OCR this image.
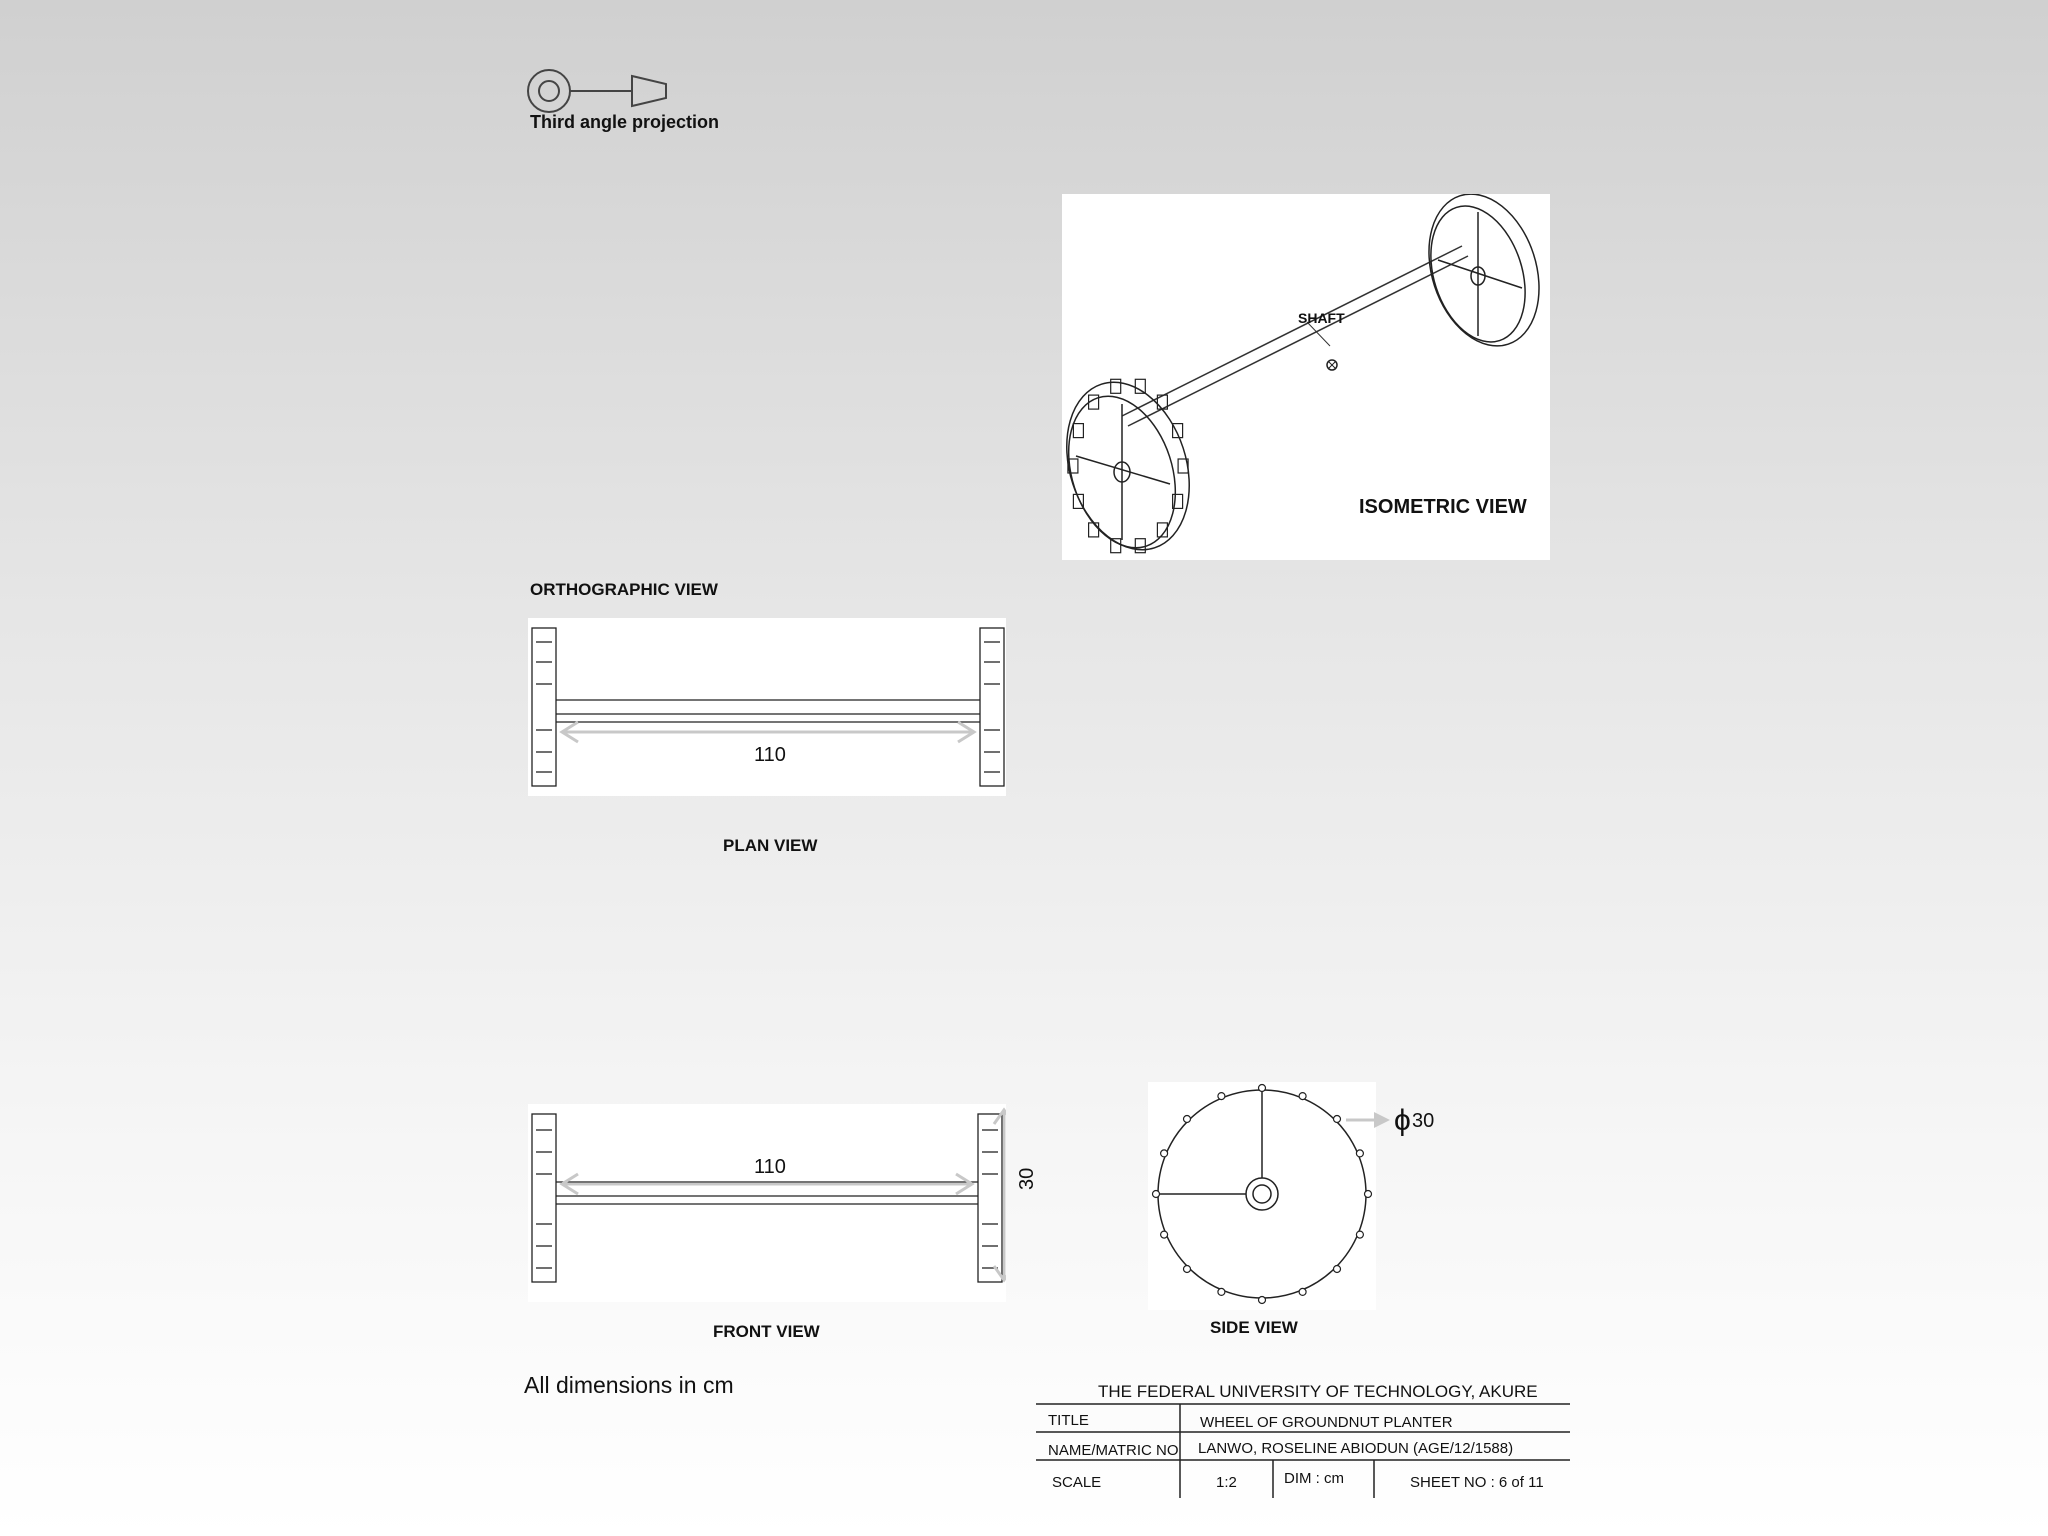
Third angle projection
SHAFT
ISOMETRIC VIEW
ORTHOGRAPHIC VIEW
110
PLAN VIEW
110
30
FRONT VIEW
ϕ 30
SIDE VIEW
All dimensions in cm	THE FEDERAL UNIVERSITY OF TECHNOLOGY, AKURE
TITLE	WHEEL OF GROUNDNUT PLANTER
NAME/MATRIC NO LANWO, ROSELINE ABIODUN (AGE/12/1588)
SCALE	1:2	DIM : cm	SHEET NO : 6 of 11
